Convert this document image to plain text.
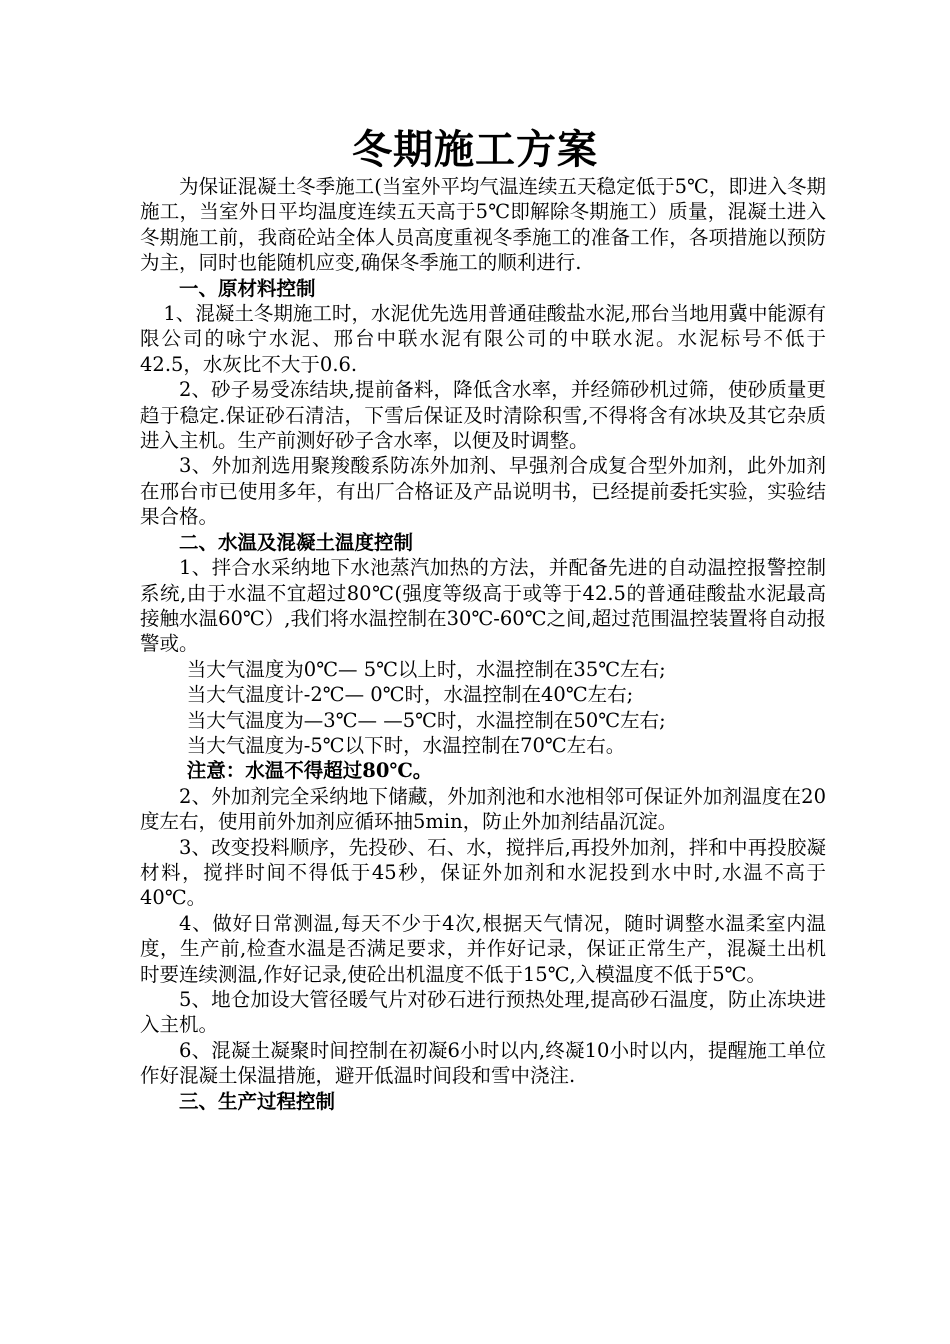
冬期施工方案

为保证混凝土冬季施工(当室外平均气温连续五天稳定低于5℃，即进入冬期施工，当室外日平均温度连续五天高于5℃即解除冬期施工）质量，混凝土进入冬期施工前，我商砼站全体人员高度重视冬季施工的准备工作，各项措施以预防为主，同时也能随机应变,确保冬季施工的顺利进行.

一、原材料控制

1、混凝土冬期施工时，水泥优先选用普通硅酸盐水泥,邢台当地用冀中能源有限公司的咏宁水泥、邢台中联水泥有限公司的中联水泥。水泥标号不低于42.5，水灰比不大于0.6.

2、砂子易受冻结块,提前备料，降低含水率，并经筛砂机过筛，使砂质量更趋于稳定.保证砂石清洁，下雪后保证及时清除积雪,不得将含有冰块及其它杂质进入主机。生产前测好砂子含水率，以便及时调整。

3、外加剂选用聚羧酸系防冻外加剂、早强剂合成复合型外加剂，此外加剂在邢台市已使用多年，有出厂合格证及产品说明书，已经提前委托实验，实验结果合格。

二、水温及混凝土温度控制

1、拌合水采纳地下水池蒸汽加热的方法，并配备先进的自动温控报警控制系统,由于水温不宜超过80℃(强度等级高于或等于42.5的普通硅酸盐水泥最高接触水温60℃）,我们将水温控制在30℃-60℃之间,超过范围温控装置将自动报警或。

当大气温度为0℃— 5℃以上时，水温控制在35℃左右;

当大气温度计-2℃— 0℃时，水温控制在40℃左右;

当大气温度为—3℃— —5℃时，水温控制在50℃左右;

当大气温度为-5℃以下时，水温控制在70℃左右。

注意：水温不得超过80℃。

2、外加剂完全采纳地下储藏，外加剂池和水池相邻可保证外加剂温度在20度左右，使用前外加剂应循环抽5min，防止外加剂结晶沉淀。

3、改变投料顺序，先投砂、石、水，搅拌后,再投外加剂，拌和中再投胶凝材料，搅拌时间不得低于45秒，保证外加剂和水泥投到水中时,水温不高于40℃。

4、做好日常测温,每天不少于4次,根据天气情况，随时调整水温柔室内温度，生产前,检查水温是否满足要求，并作好记录，保证正常生产，混凝土出机时要连续测温,作好记录,使砼出机温度不低于15℃,入模温度不低于5℃。

5、地仓加设大管径暖气片对砂石进行预热处理,提高砂石温度，防止冻块进入主机。

6、混凝土凝聚时间控制在初凝6小时以内,终凝10小时以内，提醒施工单位作好混凝土保温措施，避开低温时间段和雪中浇注.

三、生产过程控制
